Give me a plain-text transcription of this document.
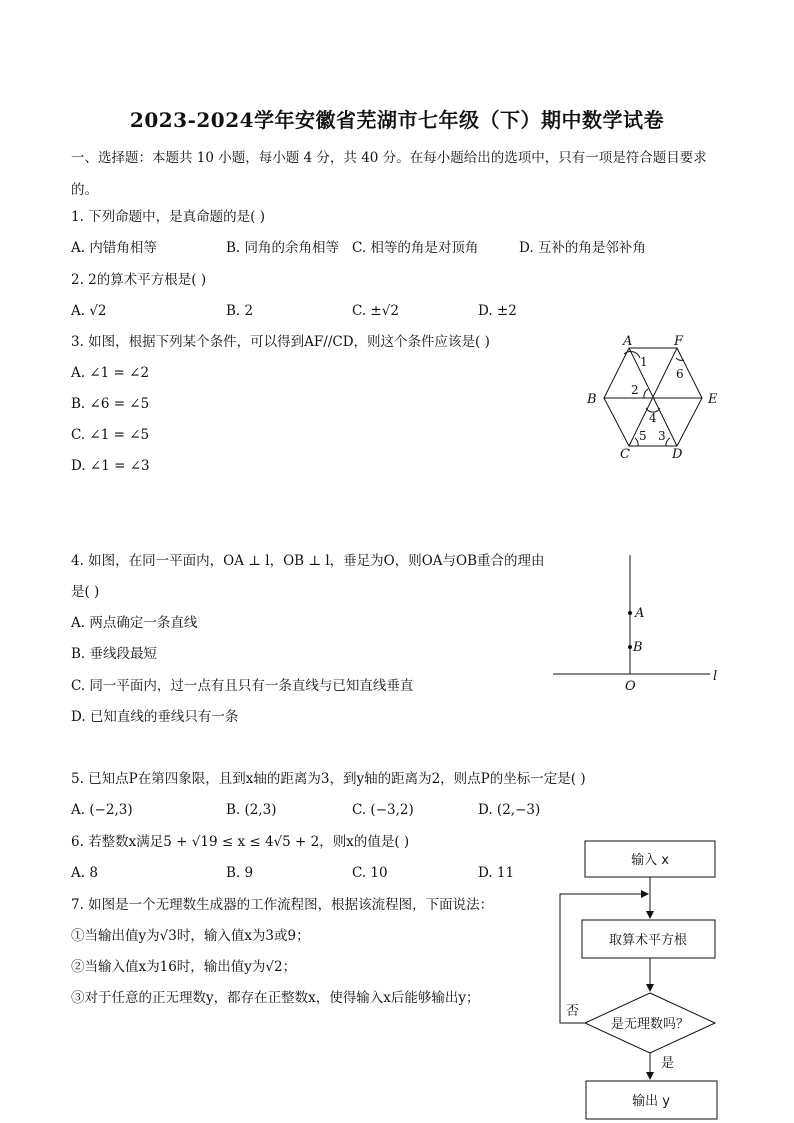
2023-2024学年安徽省芜湖市七年级（下）期中数学试卷
一、选择题：本题共 10 小题，每小题 4 分，共 40 分。在每小题给出的选项中，只有一项是符合题目要求
的。
1. 下列命题中，是真命题的是( )
A. 内错角相等	B. 同角的余角相等 C. 相等的角是对顶角	D. 互补的角是邻补角
2. 2的算术平方根是( )
A. √2	B. 2	C. ±√2	D. ±2
3. 如图，根据下列某个条件，可以得到AF//CD，则这个条件应该是( )
A. ∠1 = ∠2
B. ∠6 = ∠5
C. ∠1 = ∠5
D. ∠1 = ∠3
A	F
B	E
C	D
1
6
2
4
5 3
4. 如图，在同一平面内，OA ⊥ l，OB ⊥ l，垂足为O，则OA与OB重合的理由
是( )
A. 两点确定一条直线
B. 垂线段最短
C. 同一平面内，过一点有且只有一条直线与已知直线垂直
D. 已知直线的垂线只有一条
A
B
O
l
5. 已知点P在第四象限，且到x轴的距离为3，到y轴的距离为2，则点P的坐标一定是( )
A. (−2,3)	B. (2,3)	C. (−3,2)	D. (2,−3)
6. 若整数x满足5 + √19 ≤ x ≤ 4√5 + 2，则x的值是( )
A. 8	B. 9	C. 10	D. 11
7. 如图是一个无理数生成器的工作流程图，根据该流程图，下面说法：
①当输出值y为√3时，输入值x为3或9；
②当输入值x为16时，输出值y为√2；
③对于任意的正无理数y，都存在正整数x，使得输入x后能够输出y；
输入 x
取算术平方根
是无理数吗？
否
是
输出 y
